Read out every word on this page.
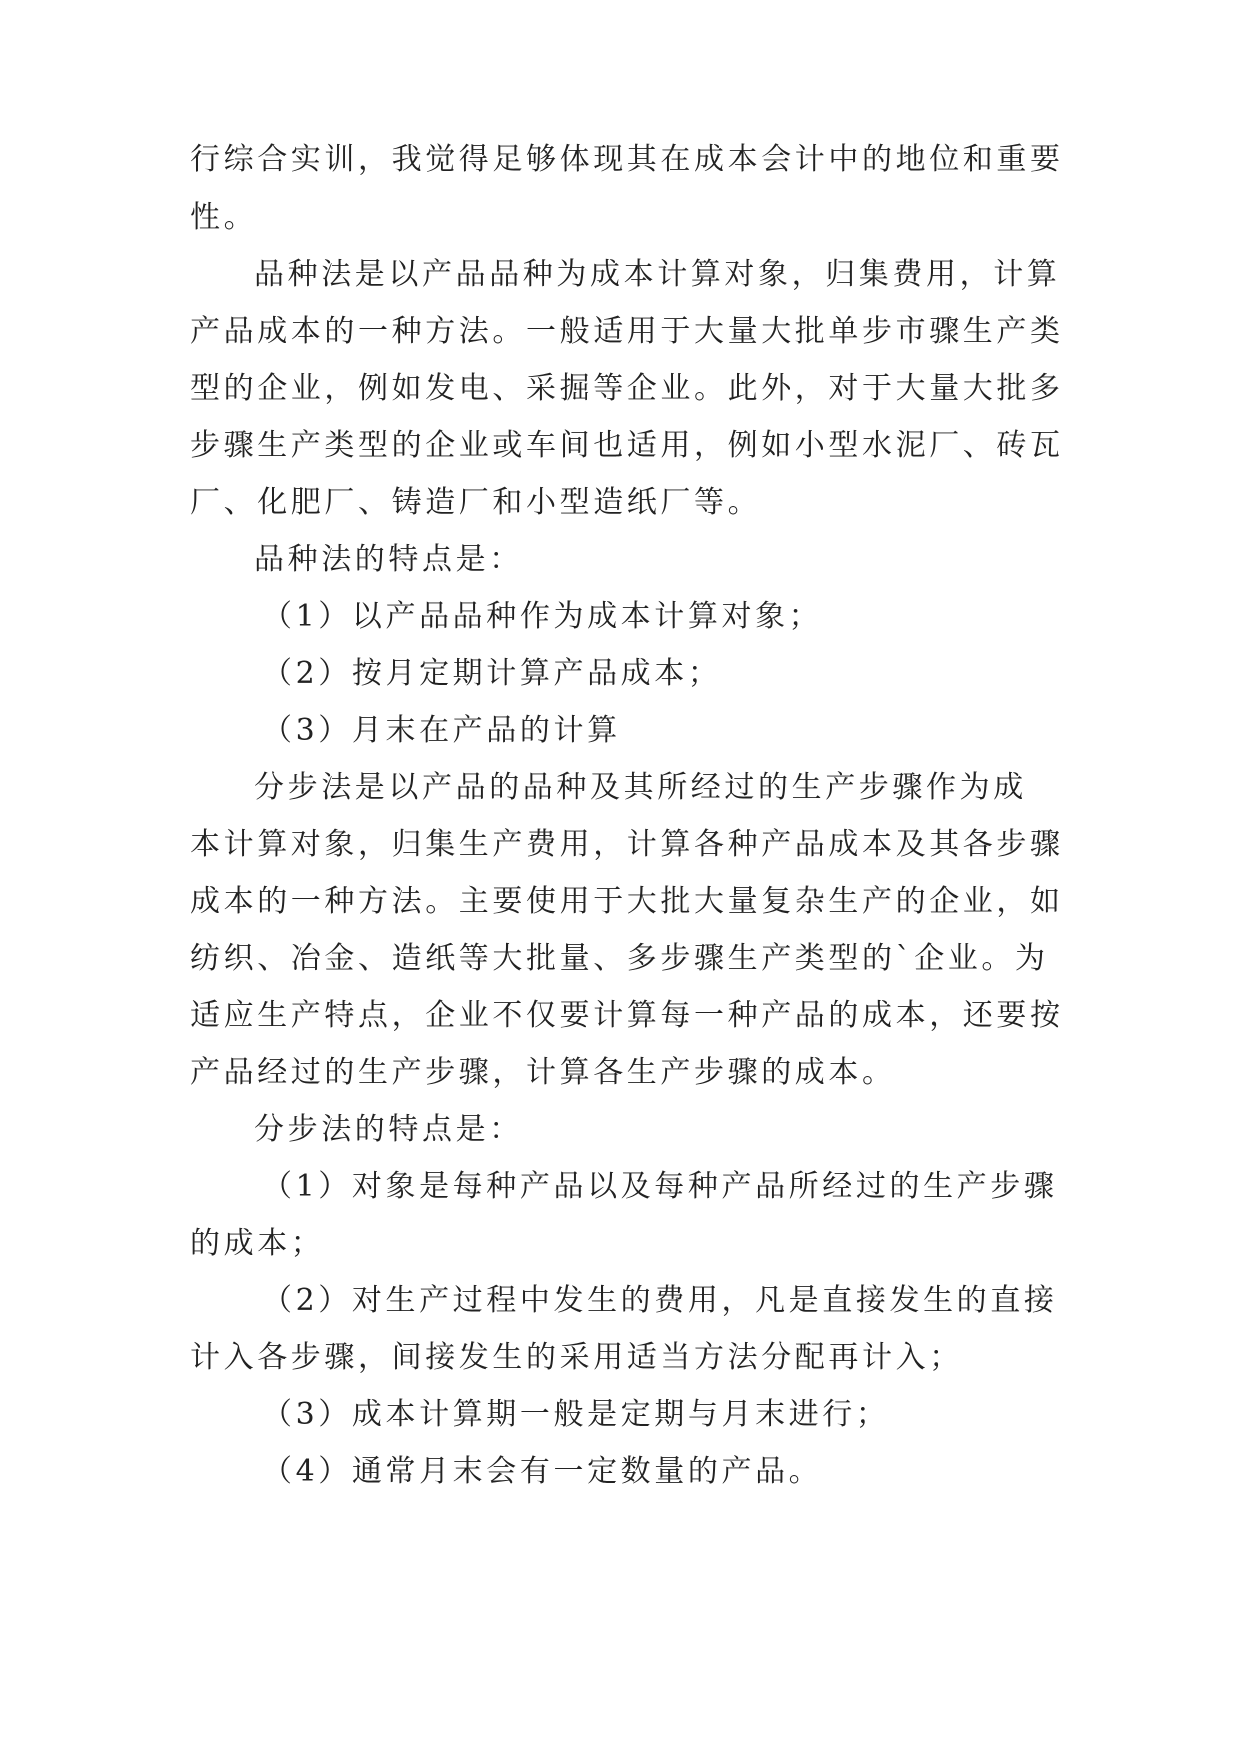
行综合实训，我觉得足够体现其在成本会计中的地位和重要
性。
品种法是以产品品种为成本计算对象，归集费用，计算
产品成本的一种方法。一般适用于大量大批单步市骤生产类
型的企业，例如发电、采掘等企业。此外，对于大量大批多
步骤生产类型的企业或车间也适用，例如小型水泥厂、砖瓦
厂、化肥厂、铸造厂和小型造纸厂等。
品种法的特点是：
（1）以产品品种作为成本计算对象；
（2）按月定期计算产品成本；
（3）月末在产品的计算
分步法是以产品的品种及其所经过的生产步骤作为成
本计算对象，归集生产费用，计算各种产品成本及其各步骤
成本的一种方法。主要使用于大批大量复杂生产的企业，如
纺织、冶金、造纸等大批量、多步骤生产类型的`企业。为
适应生产特点，企业不仅要计算每一种产品的成本，还要按
产品经过的生产步骤，计算各生产步骤的成本。
分步法的特点是：
（1）对象是每种产品以及每种产品所经过的生产步骤
的成本；
（2）对生产过程中发生的费用，凡是直接发生的直接
计入各步骤，间接发生的采用适当方法分配再计入；
（3）成本计算期一般是定期与月末进行；
（4）通常月末会有一定数量的产品。
